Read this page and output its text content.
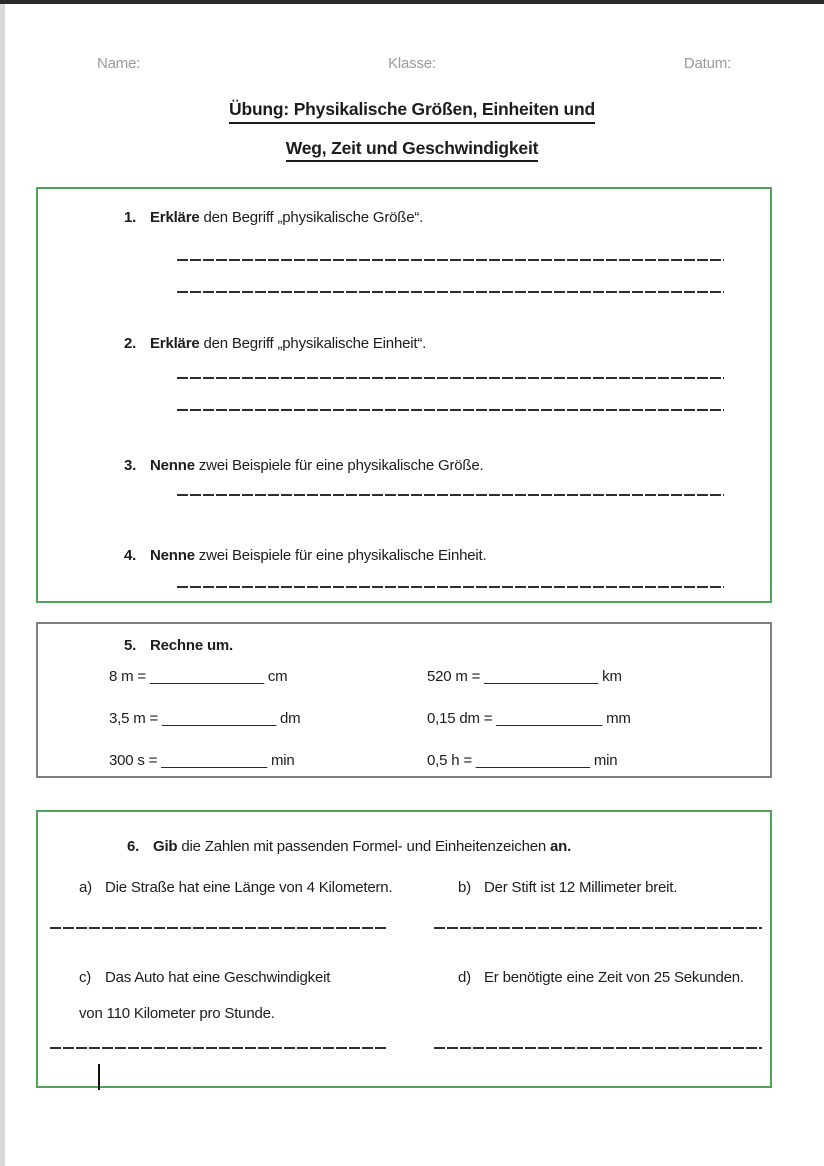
Name:	Klasse:	Datum:
Übung: Physikalische Größen, Einheiten und
Weg, Zeit und Geschwindigkeit
1. Erkläre den Begriff „physikalische Größe“.
2. Erkläre den Begriff „physikalische Einheit“.
3. Nenne zwei Beispiele für eine physikalische Größe.
4. Nenne zwei Beispiele für eine physikalische Einheit.
5. Rechne um.
8 m = ______________ cm	520 m = ______________ km
3,5 m = ______________ dm	0,15 dm = _____________ mm
300 s = _____________ min	0,5 h = ______________ min
6. Gib die Zahlen mit passenden Formel- und Einheitenzeichen an.
a) Die Straße hat eine Länge von 4 Kilometern.	b) Der Stift ist 12 Millimeter breit.
c) Das Auto hat eine Geschwindigkeit
von 110 Kilometer pro Stunde.
d) Er benötigte eine Zeit von 25 Sekunden.
